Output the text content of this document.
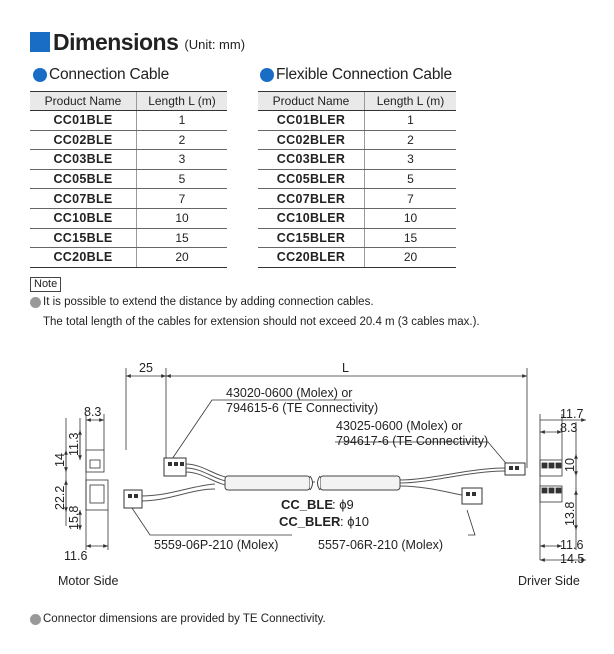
Dimensions (Unit: mm)
Connection Cable
Product Name	Length L (m)
CC01BLE	1
CC02BLE	2
CC03BLE	3
CC05BLE	5
CC07BLE	7
CC10BLE	10
CC15BLE	15
CC20BLE	20
Flexible Connection Cable
Product Name	Length L (m)
CC01BLER	1
CC02BLER	2
CC03BLER	3
CC05BLER	5
CC07BLER	7
CC10BLER	10
CC15BLER	15
CC20BLER	20
Note
It is possible to extend the distance by adding connection cables.
The total length of the cables for extension should not exceed 20.4 m (3 cables max.).
25	L
43020-0600 (Molex) or
794615-6 (TE Connectivity)
43025-0600 (Molex) or
794617-6 (TE Connectivity)
5559-06P-210 (Molex)	5557-06R-210 (Molex)
CC_BLE
: ϕ9
CC_BLER : ϕ10
8.3
11.3
14
22.2
15.8
11.6
11.7
8.3
10
13.8
11.6
14.5
Motor Side	Driver Side
Connector dimensions are provided by TE Connectivity.
